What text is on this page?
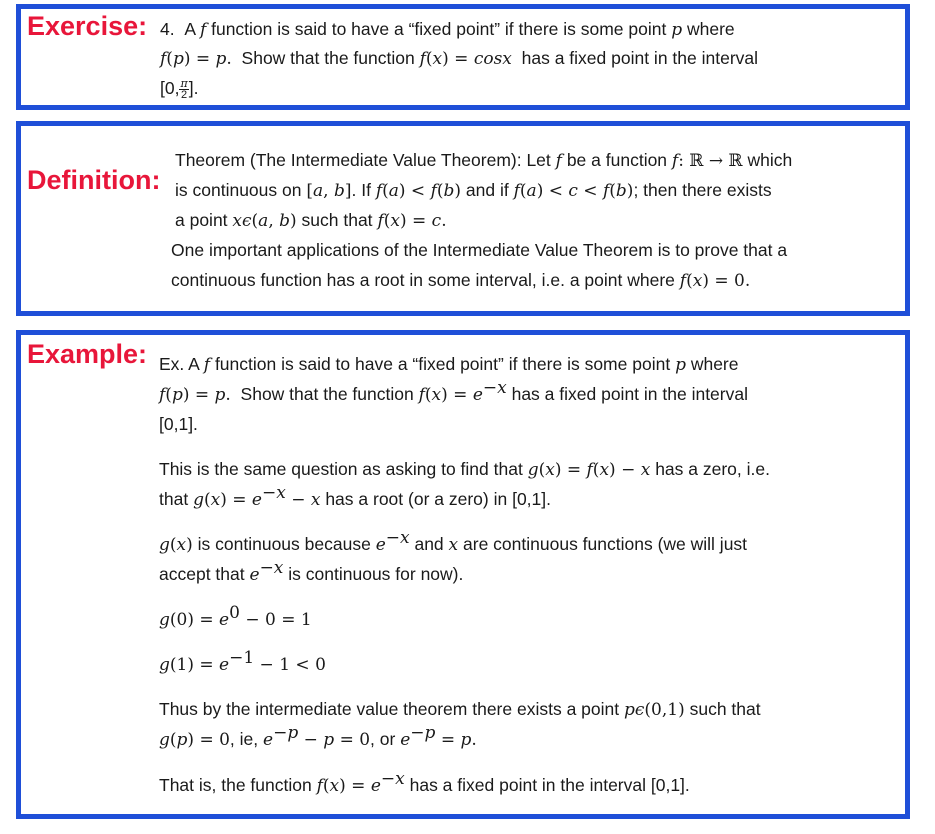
Exercise: 4. A f function is said to have a “fixed point” if there is some point p where
f(p) = p. Show that the function f(x) = cosx has a fixed point in the interval
[0, $\frac{\pi}{2}$ ].
Definition:
Theorem (The Intermediate Value Theorem): Let f be a function f: ℝ → ℝ which
is continuous on [a, b]. If f(a) < f(b) and if f(a) < c < f(b); then there exists
a point xϵ(a, b) such that f(x) = c.
One important applications of the Intermediate Value Theorem is to prove that a
continuous function has a root in some interval, i.e. a point where f(x) = 0.
Example: Ex. A f function is said to have a “fixed point” if there is some point p where
f(p) = p. Show that the function $f(x) = e^{-x}$ has a fixed point in the interval
[0,1].
This is the same question as asking to find that g(x) = f(x) − x has a zero, i.e.
that $g(x) = e^{-x} - x$ has a root (or a zero) in [0,1].
g(x) is continuous because $e^{-x}$ and x are continuous functions (we will just
accept that $e^{-x}$ is continuous for now).
$g(0) = e^0 - 0 = 1$
$g(1) = e^{-1} - 1 < 0$
Thus by the intermediate value theorem there exists a point pϵ(0,1) such that
g(p) = 0, ie, $e^{-p} - p = 0$, or $e^{-p} = p$.
That is, the function $f(x) = e^{-x}$ has a fixed point in the interval [0,1].
